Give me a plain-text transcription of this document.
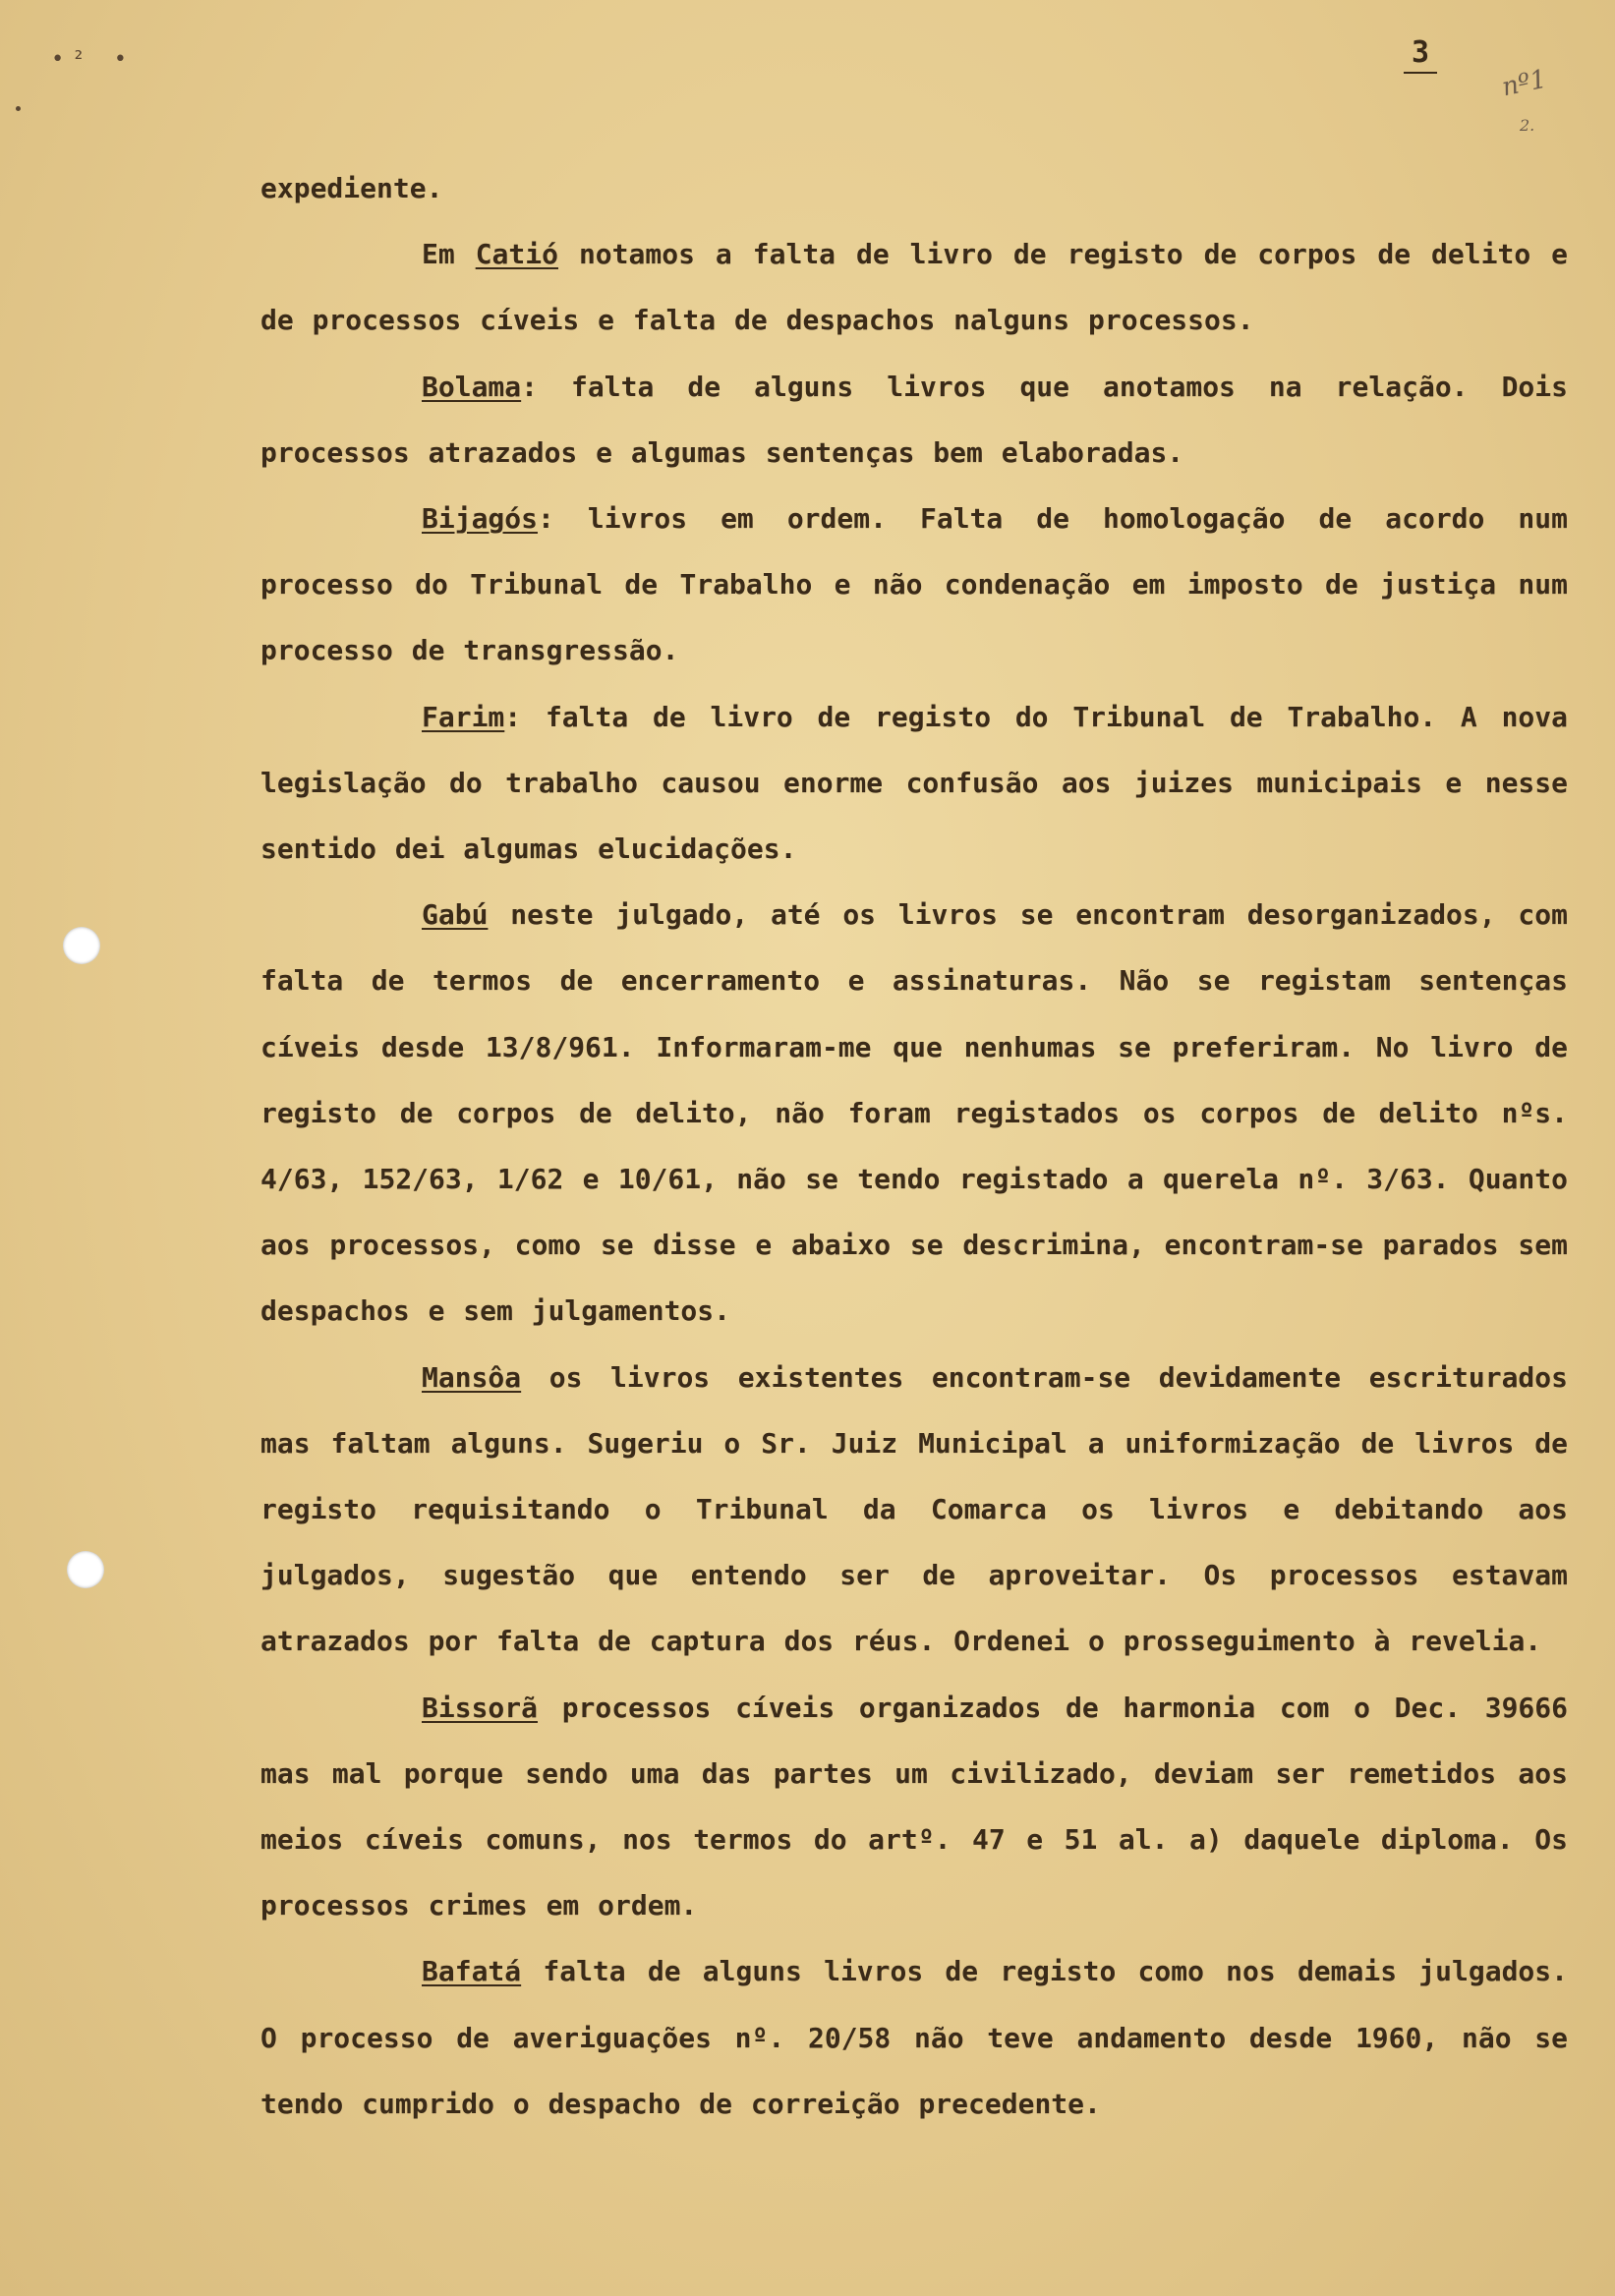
•² •	3
nº1
2.

expediente.

Em Catió notamos a falta de livro de registo de corpos de delito e de processos cíveis e falta de despachos nalguns processos.

Bolama: falta de alguns livros que anotamos na relação. Dois processos atrazados e algumas sentenças bem elaboradas.

Bijagós: livros em ordem. Falta de homologação de acordo num processo do Tribunal de Trabalho e não condenação em imposto de justiça num processo de transgressão.

Farim: falta de livro de registo do Tribunal de Trabalho. A nova legislação do trabalho causou enorme confusão aos juizes municipais e nesse sentido dei algumas elucidações.

Gabú neste julgado, até os livros se encontram desorganizados, com falta de termos de encerramento e assinaturas. Não se registam sentenças cíveis desde 13/8/961. Informaram-me que nenhumas se preferiram. No livro de registo de corpos de delito, não foram registados os corpos de delito nºs. 4/63, 152/63, 1/62 e 10/61, não se tendo registado a querela nº. 3/63. Quanto aos processos, como se disse e abaixo se descrimina, encontram-se parados sem despachos e sem julgamentos.

Mansôa os livros existentes encontram-se devidamente escriturados mas faltam alguns. Sugeriu o Sr. Juiz Municipal a uniformização de livros de registo requisitando o Tribunal da Comarca os livros e debitando aos julgados, sugestão que entendo ser de aproveitar. Os processos estavam atrazados por falta de captura dos réus. Ordenei o prosseguimento à revelia.

Bissorã processos cíveis organizados de harmonia com o Dec. 39666 mas mal porque sendo uma das partes um civilizado, deviam ser remetidos aos meios cíveis comuns, nos termos do artº. 47 e 51 al. a) daquele diploma. Os processos crimes em ordem.

Bafatá falta de alguns livros de registo como nos demais julgados. O processo de averiguações nº. 20/58 não teve andamento desde 1960, não se tendo cumprido o despacho de correição precedente.
